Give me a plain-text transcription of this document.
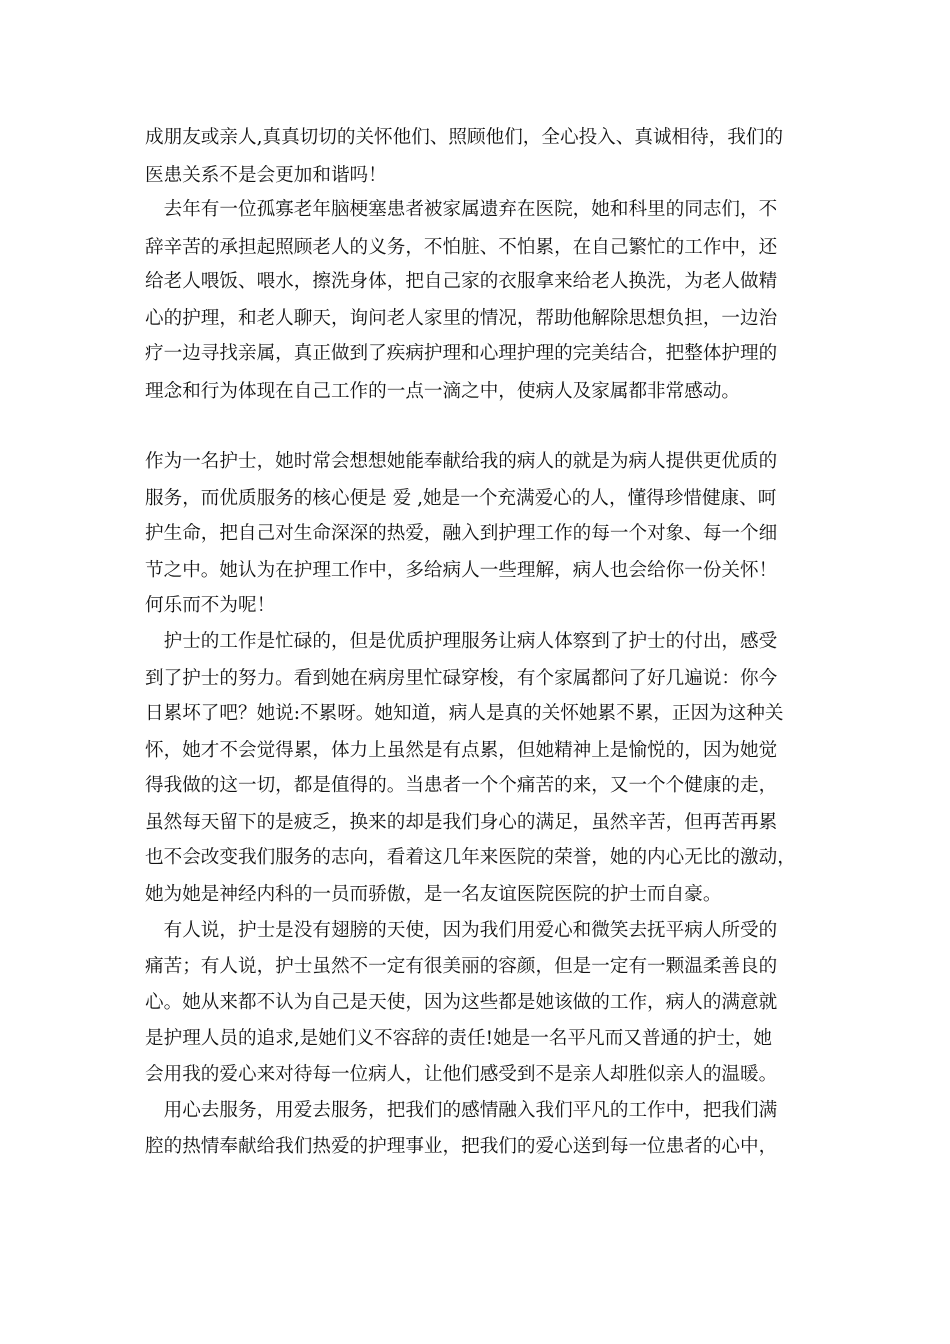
成朋友或亲人,真真切切的关怀他们、照顾他们，全心投入、真诚相待，我们的
医患关系不是会更加和谐吗！
　去年有一位孤寡老年脑梗塞患者被家属遗弃在医院，她和科里的同志们，不
辞辛苦的承担起照顾老人的义务，不怕脏、不怕累，在自己繁忙的工作中，还
给老人喂饭、喂水，擦洗身体，把自己家的衣服拿来给老人换洗，为老人做精
心的护理，和老人聊天，询问老人家里的情况，帮助他解除思想负担，一边治
疗一边寻找亲属，真正做到了疾病护理和心理护理的完美结合，把整体护理的
理念和行为体现在自己工作的一点一滴之中，使病人及家属都非常感动。
作为一名护士，她时常会想想她能奉献给我的病人的就是为病人提供更优质的
服务，而优质服务的核心便是 爱 ,她是一个充满爱心的人，懂得珍惜健康、呵
护生命，把自己对生命深深的热爱，融入到护理工作的每一个对象、每一个细
节之中。她认为在护理工作中，多给病人一些理解，病人也会给你一份关怀！
何乐而不为呢！
　护士的工作是忙碌的，但是优质护理服务让病人体察到了护士的付出，感受
到了护士的努力。看到她在病房里忙碌穿梭，有个家属都问了好几遍说：你今
日累坏了吧？她说:不累呀。她知道，病人是真的关怀她累不累，正因为这种关
怀，她才不会觉得累，体力上虽然是有点累，但她精神上是愉悦的，因为她觉
得我做的这一切，都是值得的。当患者一个个痛苦的来，又一个个健康的走，
虽然每天留下的是疲乏，换来的却是我们身心的满足，虽然辛苦，但再苦再累
也不会改变我们服务的志向，看着这几年来医院的荣誉，她的内心无比的激动，
她为她是神经内科的一员而骄傲，是一名友谊医院医院的护士而自豪。
　有人说，护士是没有翅膀的天使，因为我们用爱心和微笑去抚平病人所受的
痛苦；有人说，护士虽然不一定有很美丽的容颜，但是一定有一颗温柔善良的
心。她从来都不认为自己是天使，因为这些都是她该做的工作，病人的满意就
是护理人员的追求,是她们义不容辞的责任!她是一名平凡而又普通的护士，她
会用我的爱心来对待每一位病人，让他们感受到不是亲人却胜似亲人的温暖。
　用心去服务，用爱去服务，把我们的感情融入我们平凡的工作中，把我们满
腔的热情奉献给我们热爱的护理事业，把我们的爱心送到每一位患者的心中，
